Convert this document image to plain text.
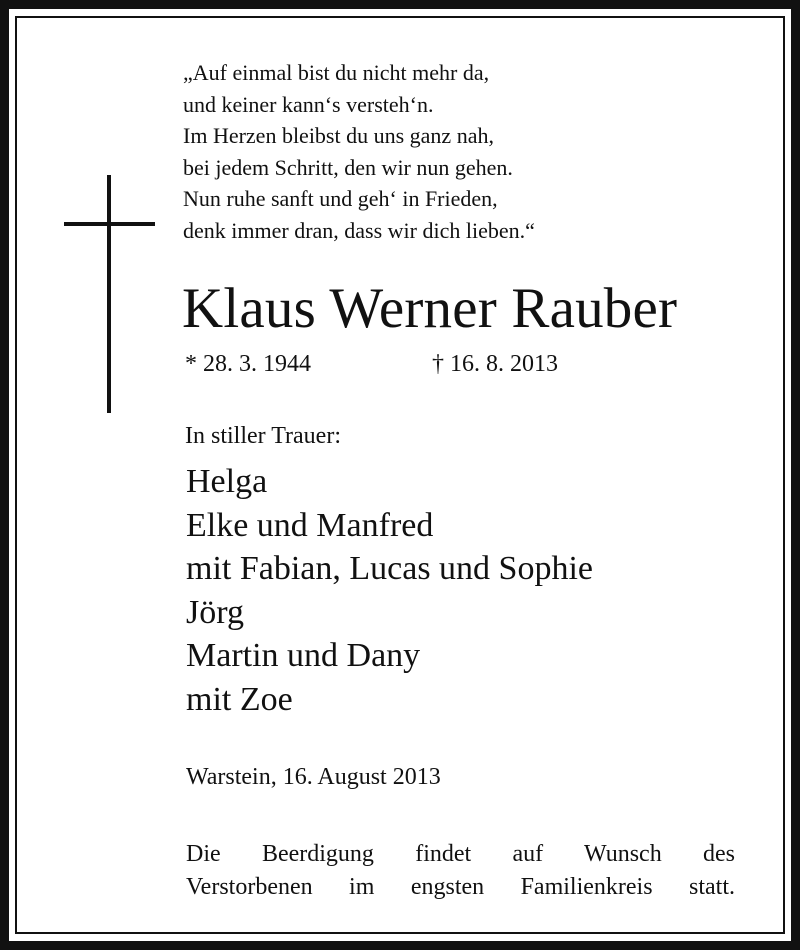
„Auf einmal bist du nicht mehr da,
und keiner kann‘s versteh‘n.
Im Herzen bleibst du uns ganz nah,
bei jedem Schritt, den wir nun gehen.
Nun ruhe sanft und geh‘ in Frieden,
denk immer dran, dass wir dich lieben.“
Klaus Werner Rauber
* 28. 3. 1944	† 16. 8. 2013
In stiller Trauer:
Helga
Elke und Manfred
mit Fabian, Lucas und Sophie
Jörg
Martin und Dany
mit Zoe
Warstein, 16. August 2013
Die Beerdigung findet auf Wunsch des
Verstorbenen im engsten Familienkreis statt.
